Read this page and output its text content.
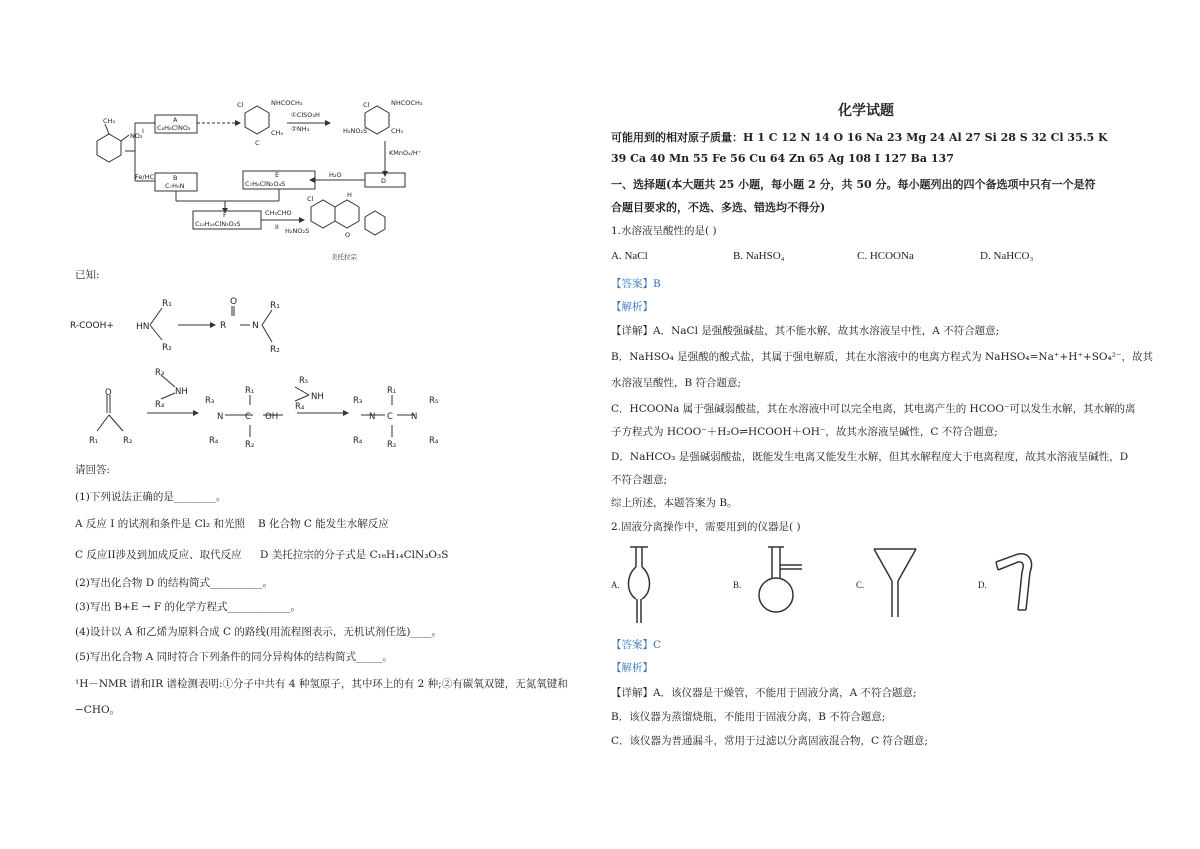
CH₃
NO₂
A
C₈H₈ClNO₂
I
Fe/HCl	B
C₇H₉N
Cl	NHCOCH₃
CH₃
C
①ClSO₃H
②NH₃
Cl	NHCOCH₃
H₂NO₂S	CH₃
KMnO₄/H⁺
D
H₂O
E
C₇H₈ClN₂O₄S
F
C₁₅H₁₆ClN₃O₃S
CH₃CHO
II
Cl	H
O
H₂NO₂S
美托拉宗
已知:
R-COOH+ HN
R₁
R₂
R
O
N
R₁
R₂
O
R₁	R₂
R₃
NH
R₄	R₃
R₄
N	C
R₁
R₂
OH
R₅
NH
R₄
R₃
R₄
N C
R₁
R₂
N
R₅
R₄
请回答:
(1)下列说法正确的是________。
A 反应 I 的试剂和条件是 Cl₂ 和光照 B 化合物 C 能发生水解反应
C 反应II涉及到加成反应、取代反应 D 美托拉宗的分子式是 C₁₆H₁₄ClN₃O₃S
(2)写出化合物 D 的结构简式__________。
(3)写出 B+E → F 的化学方程式____________。
(4)设计以 A 和乙烯为原料合成 C 的路线(用流程图表示，无机试剂任选)____。
(5)写出化合物 A 同时符合下列条件的同分异构体的结构简式_____。
¹H－NMR 谱和IR 谱检测表明:①分子中共有 4 种氢原子，其中环上的有 2 种;②有碳氧双键，无氮氧键和
−CHO。
化学试题
可能用到的相对原子质量：H 1 C 12 N 14 O 16 Na 23 Mg 24 Al 27 Si 28 S 32 Cl 35.5 K
39 Ca 40 Mn 55 Fe 56 Cu 64 Zn 65 Ag 108 I 127 Ba 137
一、选择题(本大题共 25 小题，每小题 2 分，共 50 分。每小题列出的四个备选项中只有一个是符
合题目要求的，不选、多选、错选均不得分)
1.水溶液呈酸性的是( )
A. NaCl	B. NaHSO₄	C. HCOONa	D. NaHCO₃
【答案】B
【解析】
【详解】A．NaCl 是强酸强碱盐，其不能水解，故其水溶液呈中性，A 不符合题意;
B．NaHSO₄ 是强酸的酸式盐，其属于强电解质，其在水溶液中的电离方程式为 NaHSO₄=Na⁺+H⁺+SO₄²⁻，故其
水溶液呈酸性，B 符合题意;
C．HCOONa 属于强碱弱酸盐，其在水溶液中可以完全电离，其电离产生的 HCOO⁻可以发生水解，其水解的离
子方程式为 HCOO⁻＋H₂O⇌HCOOH＋OH⁻，故其水溶液呈碱性，C 不符合题意;
D．NaHCO₃ 是强碱弱酸盐，既能发生电离又能发生水解，但其水解程度大于电离程度，故其水溶液呈碱性，D
不符合题意;
综上所述，本题答案为 B。
2.固液分离操作中，需要用到的仪器是( )
A.	B.	C.	D.
【答案】C
【解析】
【详解】A．该仪器是干燥管，不能用于固液分离，A 不符合题意;
B．该仪器为蒸馏烧瓶，不能用于固液分离，B 不符合题意;
C．该仪器为普通漏斗，常用于过滤以分离固液混合物，C 符合题意;
